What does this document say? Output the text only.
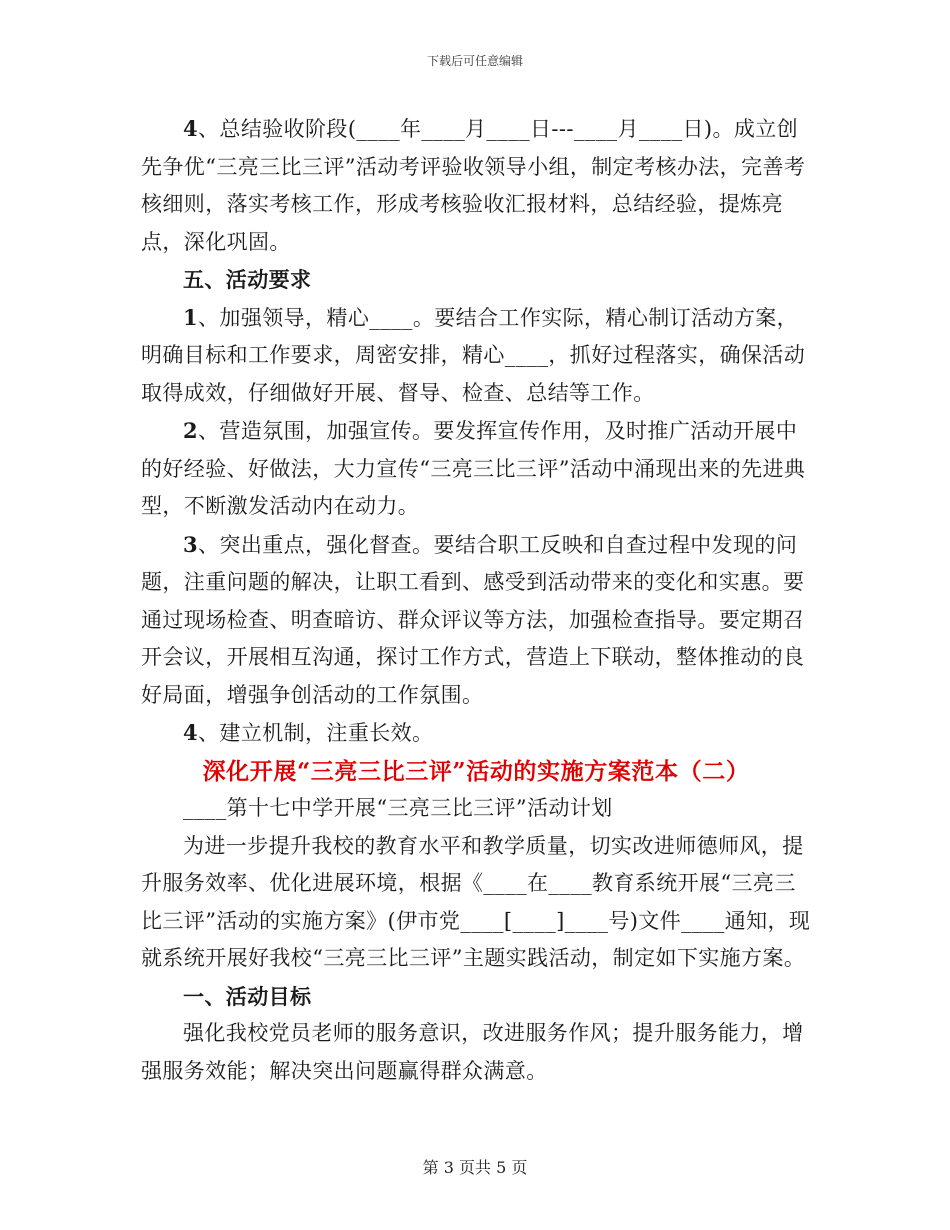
下载后可任意编辑

4、总结验收阶段(____年____月____日---____月____日)。成立创先争优“三亮三比三评”活动考评验收领导小组，制定考核办法，完善考核细则，落实考核工作，形成考核验收汇报材料，总结经验，提炼亮点，深化巩固。

五、活动要求

1、加强领导，精心____。要结合工作实际，精心制订活动方案，明确目标和工作要求，周密安排，精心____，抓好过程落实，确保活动取得成效，仔细做好开展、督导、检查、总结等工作。

2、营造氛围，加强宣传。要发挥宣传作用，及时推广活动开展中的好经验、好做法，大力宣传“三亮三比三评”活动中涌现出来的先进典型，不断激发活动内在动力。

3、突出重点，强化督查。要结合职工反映和自查过程中发现的问题，注重问题的解决，让职工看到、感受到活动带来的变化和实惠。要通过现场检查、明查暗访、群众评议等方法，加强检查指导。要定期召开会议，开展相互沟通，探讨工作方式，营造上下联动，整体推动的良好局面，增强争创活动的工作氛围。

4、建立机制，注重长效。

深化开展“三亮三比三评”活动的实施方案范本（二）

____第十七中学开展“三亮三比三评”活动计划

为进一步提升我校的教育水平和教学质量，切实改进师德师风，提升服务效率、优化进展环境，根据《____在____教育系统开展“三亮三比三评”活动的实施方案》(伊市党____[____]____号)文件____通知，现就系统开展好我校“三亮三比三评”主题实践活动，制定如下实施方案。

一、活动目标

强化我校党员老师的服务意识，改进服务作风；提升服务能力，增强服务效能；解决突出问题赢得群众满意。

第 3 页共 5 页
